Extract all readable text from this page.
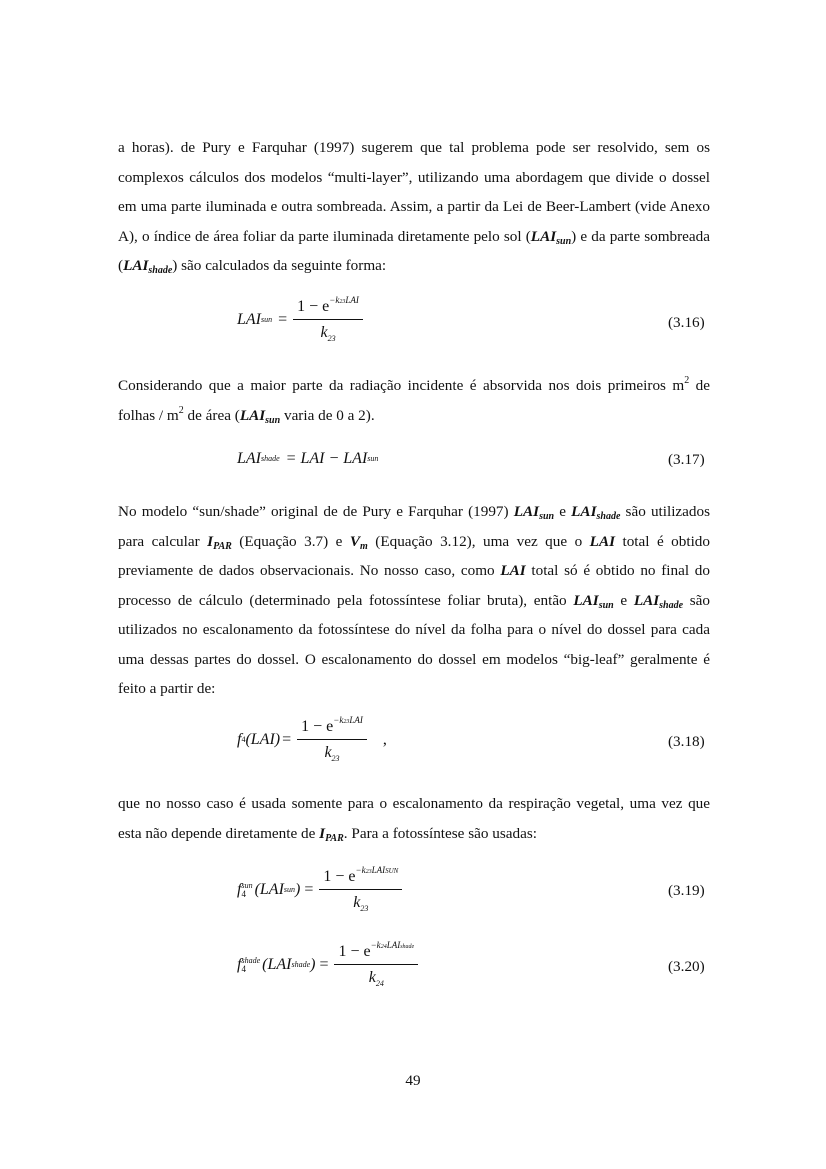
a horas). de Pury e Farquhar (1997) sugerem que tal problema pode ser resolvido, sem os complexos cálculos dos modelos “multi-layer”, utilizando uma abordagem que divide o dossel em uma parte iluminada e outra sombreada. Assim, a partir da Lei de Beer-Lambert (vide Anexo A), o índice de área foliar da parte iluminada diretamente pelo sol $(LAI_{sun})$ e da parte sombreada $(LAI_{shade})$ são calculados da seguinte forma:
LAI sun = $\frac{1 - e^{-k23LAI}}{k_{23}}$	(3.16)
Considerando que a maior parte da radiação incidente é absorvida nos dois primeiros $m^2$ de folhas / $m^2$ de área ($LAI_{sun}$ varia de 0 a 2).
LAI shade = LAI − LAI sun	(3.17)
No modelo “sun/shade” original de de Pury e Farquhar (1997) $LAI_{sun}$ e $LAI_{shade}$ são utilizados para calcular $I_{PAR}$ (Equação 3.7) e $V_m$ (Equação 3.12), uma vez que o LAI total é obtido previamente de dados observacionais. No nosso caso, como LAI total só é obtido no final do processo de cálculo (determinado pela fotossíntese foliar bruta), então $LAI_{sun}$ e $LAI_{shade}$ são utilizados no escalonamento da fotossíntese do nível da folha para o nível do dossel para cada uma dessas partes do dossel. O escalonamento do dossel em modelos “big-leaf” geralmente é feito a partir de:
f 4 $(LAI) = \frac{1 - e^{-k23LAI}}{k_{23}}$ ,	(3.18)
que no nosso caso é usada somente para o escalonamento da respiração vegetal, uma vez que esta não depende diretamente de $I_{PAR}$. Para a fotossíntese são usadas:
f sun
4 (LAI sun ) = $\frac{1 - e^{-k23LAISUN}}{k_{23}}$	(3.19)
f shade
4	(LAI shade ) = $\frac{1 - e^{-k24LAIshade}}{k_{24}}$	(3.20)
49
